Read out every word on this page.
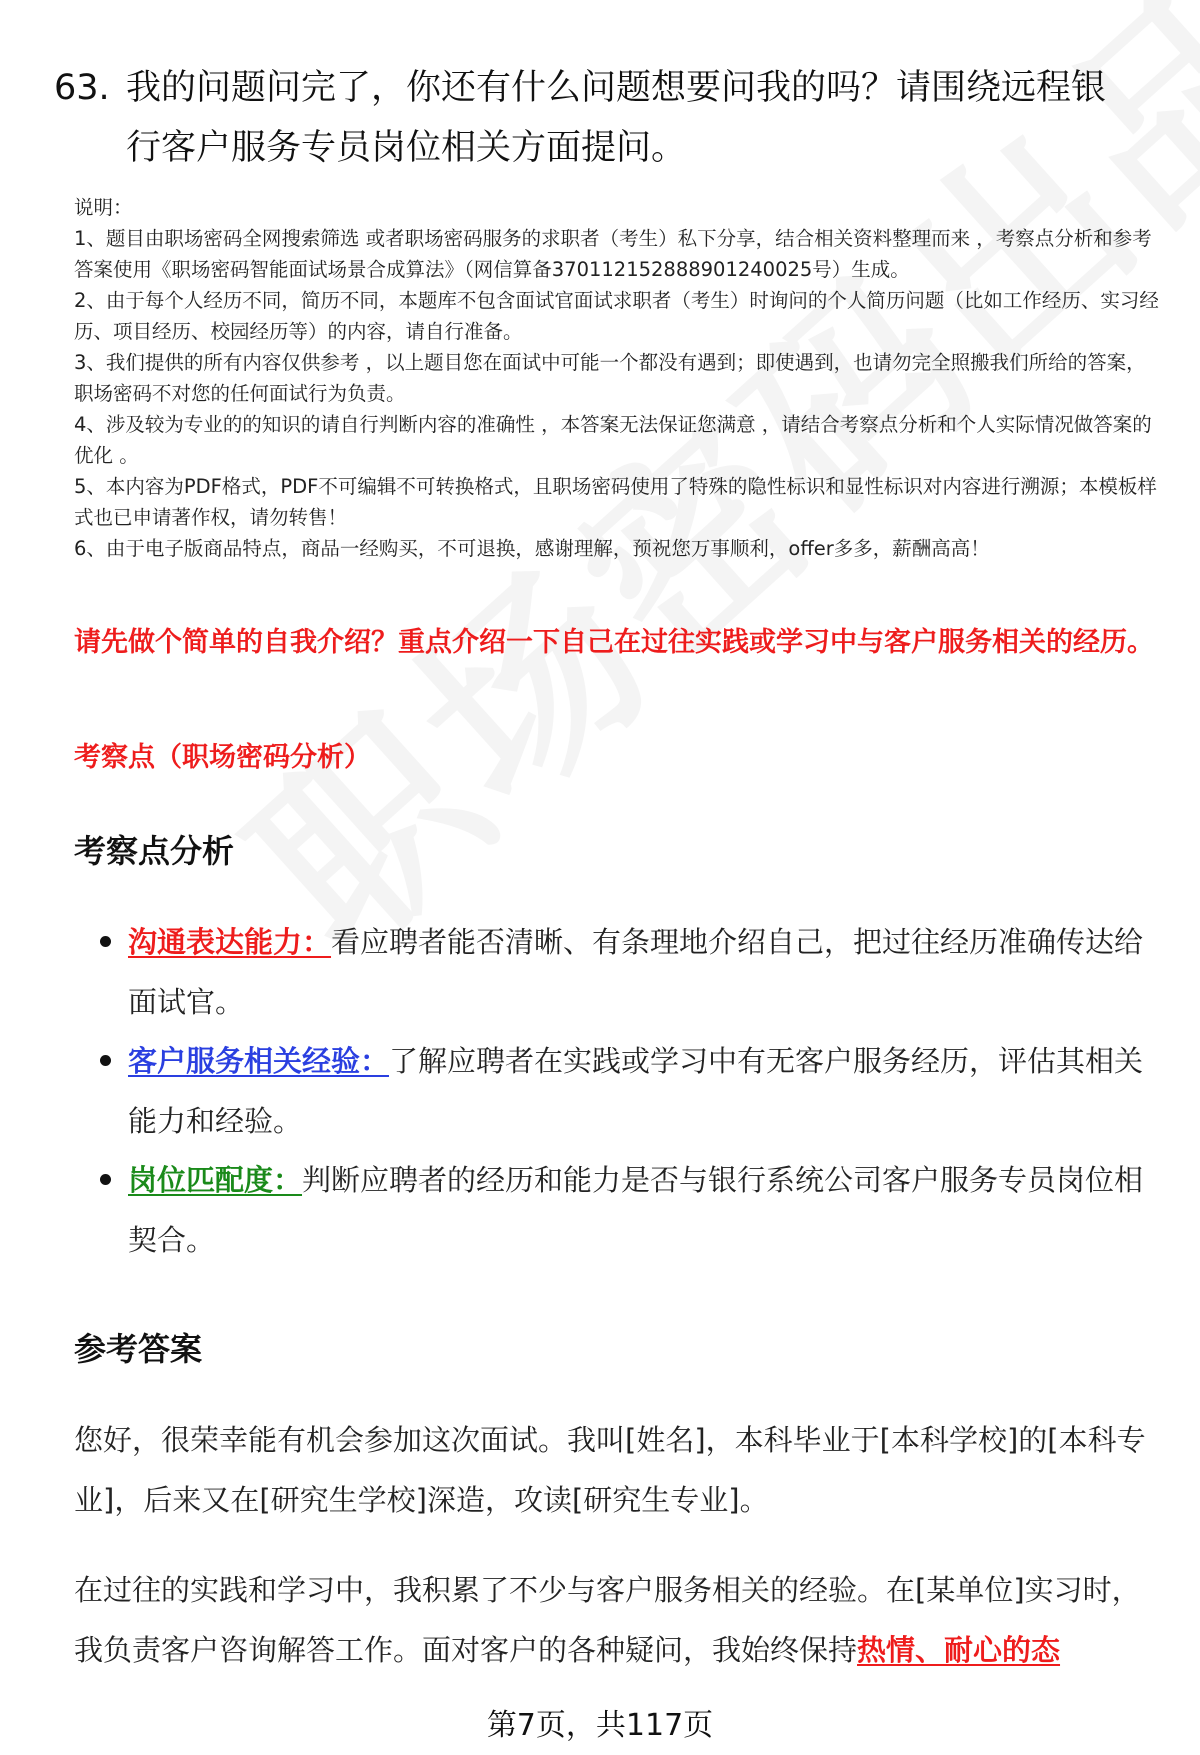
63. 我的问题问完了，你还有什么问题想要问我的吗？请围绕远程银
行客户服务专员岗位相关方面提问。

说明：

1、题目由职场密码全网搜索筛选 或者职场密码服务的求职者（考生）私下分享，结合相关资料整理而来 ，考察点分析和参考答案使用《职场密码智能面试场景合成算法》（网信算备370112152888901240025号）生成。

2、由于每个人经历不同，简历不同，本题库不包含面试官面试求职者（考生）时询问的个人简历问题（比如工作经历、实习经历、项目经历、校园经历等）的内容，请自行准备。

3、我们提供的所有内容仅供参考 ，以上题目您在面试中可能一个都没有遇到；即使遇到，也请勿完全照搬我们所给的答案，职场密码不对您的任何面试行为负责。

4、涉及较为专业的的知识的请自行判断内容的准确性 ，本答案无法保证您满意 ，请结合考察点分析和个人实际情况做答案的优化 。

5、本内容为PDF格式，PDF不可编辑不可转换格式，且职场密码使用了特殊的隐性标识和显性标识对内容进行溯源；本模板样式也已申请著作权，请勿转售！

6、由于电子版商品特点，商品一经购买，不可退换，感谢理解，预祝您万事顺利，offer多多，薪酬高高！

请先做个简单的自我介绍？重点介绍一下自己在过往实践或学习中与客户服务相关的经历。
考察点（职场密码分析）
考察点分析
沟通表达能力：看应聘者能否清晰、有条理地介绍自己，把过往经历准确传达给面试官。
客户服务相关经验：了解应聘者在实践或学习中有无客户服务经历，评估其相关能力和经验。
岗位匹配度：判断应聘者的经历和能力是否与银行系统公司客户服务专员岗位相契合。
参考答案

您好，很荣幸能有机会参加这次面试。我叫[姓名]，本科毕业于[本科学校]的[本科专业]，后来又在[研究生学校]深造，攻读[研究生专业]。

在过往的实践和学习中，我积累了不少与客户服务相关的经验。在[某单位]实习时，我负责客户咨询解答工作。面对客户的各种疑问，我始终保持热情、耐心的态

第7页，共117页
